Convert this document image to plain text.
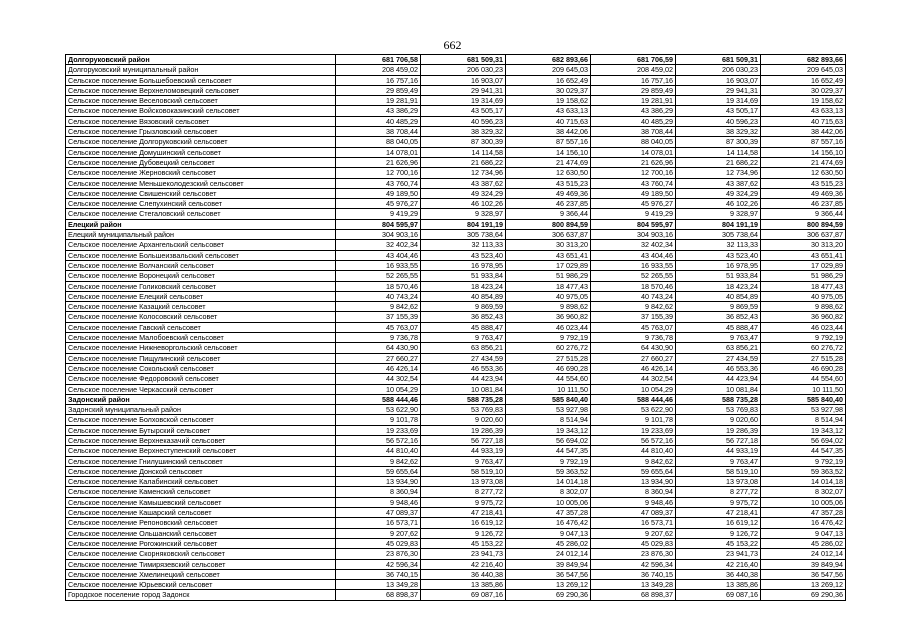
662
Долгоруковский район	681 706,58	681 509,31	682 893,66	681 706,59	681 509,31	682 893,66
Долгоруковский муниципальный район	208 459,02	206 030,23	209 645,03	208 459,02	206 030,23	209 645,03
Сельское поселение Большебоевский сельсовет	16 757,16	16 903,07	16 652,49	16 757,16	16 903,07	16 652,49
Сельское поселение Верхнеломовецкий сельсовет	29 859,49	29 941,31	30 029,37	29 859,49	29 941,31	30 029,37
Сельское поселение Веселовский сельсовет	19 281,91	19 314,69	19 158,62	19 281,91	19 314,69	19 158,62
Сельское поселение Войсковоказинский сельсовет	43 386,29	43 505,17	43 633,13	43 386,29	43 505,17	43 633,13
Сельское поселение Вязовский сельсовет	40 485,29	40 596,23	40 715,63	40 485,29	40 596,23	40 715,63
Сельское поселение Грызловский сельсовет	38 708,44	38 329,32	38 442,06	38 708,44	38 329,32	38 442,06
Сельское поселение Долгоруковский сельсовет	88 040,05	87 300,39	87 557,16	88 040,05	87 300,39	87 557,16
Сельское поселение Домушинский сельсовет	14 078,01	14 114,58	14 156,10	14 078,01	14 114,58	14 156,10
Сельское поселение Дубовецкий сельсовет	21 626,96	21 686,22	21 474,69	21 626,96	21 686,22	21 474,69
Сельское поселение Жерновский сельсовет	12 700,16	12 734,96	12 630,50	12 700,16	12 734,96	12 630,50
Сельское поселение Меньшеколодезский сельсовет	43 760,74	43 387,62	43 515,23	43 760,74	43 387,62	43 515,23
Сельское поселение Свишенский сельсовет	49 189,50	49 324,29	49 469,36	49 189,50	49 324,29	49 469,36
Сельское поселение Слепухинский сельсовет	45 976,27	46 102,26	46 237,85	45 976,27	46 102,26	46 237,85
Сельское поселение Стегаловский сельсовет	9 419,29	9 328,97	9 366,44	9 419,29	9 328,97	9 366,44
Елецкий район	804 595,97	804 191,19	800 894,59	804 595,97	804 191,19	800 894,59
Елецкий муниципальный район	304 903,16	305 738,64	306 637,87	304 903,16	305 738,64	306 637,87
Сельское поселение Архангельский сельсовет	32 402,34	32 113,33	30 313,20	32 402,34	32 113,33	30 313,20
Сельское поселение Большеизвальский сельсовет	43 404,46	43 523,40	43 651,41	43 404,46	43 523,40	43 651,41
Сельское поселение Волчанский сельсовет	16 933,55	16 978,95	17 029,89	16 933,55	16 978,95	17 029,89
Сельское поселение Воронецкий сельсовет	52 265,55	51 933,84	51 986,29	52 265,55	51 933,84	51 986,29
Сельское поселение Голиковский сельсовет	18 570,46	18 423,24	18 477,43	18 570,46	18 423,24	18 477,43
Сельское поселение Елецкий сельсовет	40 743,24	40 854,89	40 975,05	40 743,24	40 854,89	40 975,05
Сельское поселение Казацкий сельсовет	9 842,62	9 869,59	9 898,62	9 842,62	9 869,59	9 898,62
Сельское поселение Колосовский сельсовет	37 155,39	36 852,43	36 960,82	37 155,39	36 852,43	36 960,82
Сельское поселение Гавский сельсовет	45 763,07	45 888,47	46 023,44	45 763,07	45 888,47	46 023,44
Сельское поселение Малобоевский сельсовет	9 736,78	9 763,47	9 792,19	9 736,78	9 763,47	9 792,19
Сельское поселение Нижневоргольский сельсовет	64 430,90	63 856,21	60 276,72	64 430,90	63 856,21	60 276,72
Сельское поселение Пищулинский сельсовет	27 660,27	27 434,59	27 515,28	27 660,27	27 434,59	27 515,28
Сельское поселение Сокольский сельсовет	46 426,14	46 553,36	46 690,28	46 426,14	46 553,36	46 690,28
Сельское поселение Федоровский сельсовет	44 302,54	44 423,94	44 554,60	44 302,54	44 423,94	44 554,60
Сельское поселение Черкасский сельсовет	10 054,29	10 081,84	10 111,50	10 054,29	10 081,84	10 111,50
Задонский район	588 444,46	588 735,28	585 840,40	588 444,46	588 735,28	585 840,40
Задонский муниципальный район	53 622,90	53 769,83	53 927,98	53 622,90	53 769,83	53 927,98
Сельское поселение Болховской сельсовет	9 101,78	9 020,60	8 514,94	9 101,78	9 020,60	8 514,94
Сельское поселение Бутырский сельсовет	19 233,69	19 286,39	19 343,12	19 233,69	19 286,39	19 343,12
Сельское поселение Верхнеказачий сельсовет	56 572,16	56 727,18	56 694,02	56 572,16	56 727,18	56 694,02
Сельское поселение Верхнеступенский сельсовет	44 810,40	44 933,19	44 547,35	44 810,40	44 933,19	44 547,35
Сельское поселение Гнилушинский сельсовет	9 842,62	9 763,47	9 792,19	9 842,62	9 763,47	9 792,19
Сельское поселение Донской сельсовет	59 655,64	58 519,10	59 363,52	59 655,64	58 519,10	59 363,52
Сельское поселение Калабинский сельсовет	13 934,90	13 973,08	14 014,18	13 934,90	13 973,08	14 014,18
Сельское поселение Каменский сельсовет	8 360,94	8 277,72	8 302,07	8 360,94	8 277,72	8 302,07
Сельское поселение Камышевский сельсовет	9 948,46	9 975,72	10 005,06	9 948,46	9 975,72	10 005,06
Сельское поселение Кашарский сельсовет	47 089,37	47 218,41	47 357,28	47 089,37	47 218,41	47 357,28
Сельское поселение Репоновский сельсовет	16 573,71	16 619,12	16 476,42	16 573,71	16 619,12	16 476,42
Сельское поселение Ольшанский сельсовет	9 207,62	9 126,72	9 047,13	9 207,62	9 126,72	9 047,13
Сельское поселение Рогожинский сельсовет	45 029,83	45 153,22	45 286,02	45 029,83	45 153,22	45 286,02
Сельское поселение Скорняковский сельсовет	23 876,30	23 941,73	24 012,14	23 876,30	23 941,73	24 012,14
Сельское поселение Тимирязевский сельсовет	42 596,34	42 216,40	39 849,94	42 596,34	42 216,40	39 849,94
Сельское поселение Хмелинецкий сельсовет	36 740,15	36 440,38	36 547,56	36 740,15	36 440,38	36 547,56
Сельское поселение Юрьевский сельсовет	13 349,28	13 385,86	13 269,12	13 349,28	13 385,86	13 269,12
Городское поселение город Задонск	68 898,37	69 087,16	69 290,36	68 898,37	69 087,16	69 290,36
